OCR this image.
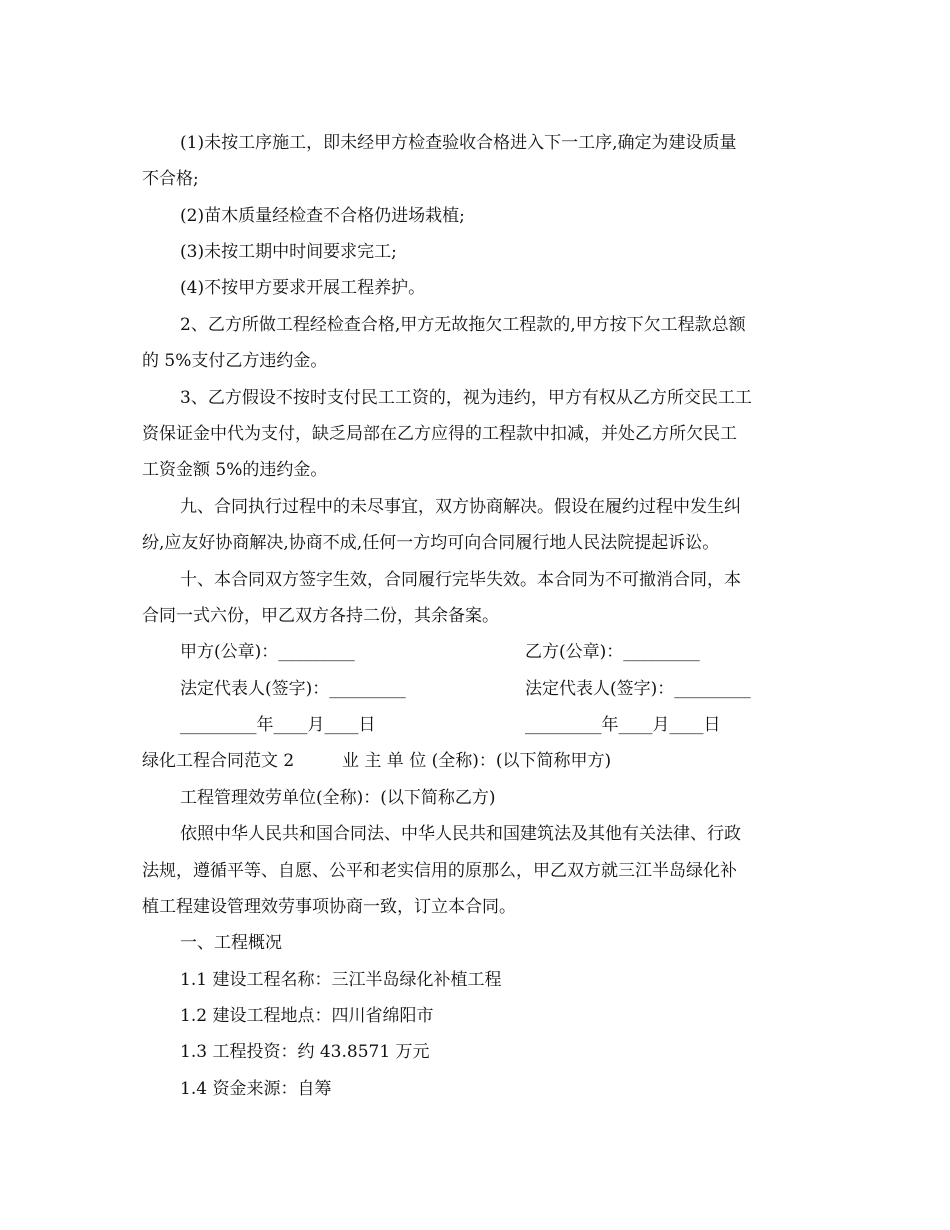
(1)未按工序施工，即未经甲方检查验收合格进入下一工序,确定为建设质量
不合格;
(2)苗木质量经检查不合格仍进场栽植;
(3)未按工期中时间要求完工;
(4)不按甲方要求开展工程养护。
2、乙方所做工程经检查合格,甲方无故拖欠工程款的,甲方按下欠工程款总额
的 5%支付乙方违约金。
3、乙方假设不按时支付民工工资的，视为违约，甲方有权从乙方所交民工工
资保证金中代为支付，缺乏局部在乙方应得的工程款中扣减，并处乙方所欠民工
工资金额 5%的违约金。
九、合同执行过程中的未尽事宜，双方协商解决。假设在履约过程中发生纠
纷,应友好协商解决,协商不成,任何一方均可向合同履行地人民法院提起诉讼。
十、本合同双方签字生效，合同履行完毕失效。本合同为不可撤消合同，本
合同一式六份，甲乙双方各持二份，其余备案。
甲方(公章)：_________	乙方(公章)：_________
法定代表人(签字)：_________	法定代表人(签字)：_________
_________年____月____日	_________年____月____日
绿化工程合同范文 2	业 主 单 位 (全称)：(以下简称甲方)
工程管理效劳单位(全称)：(以下简称乙方)
依照中华人民共和国合同法、中华人民共和国建筑法及其他有关法律、行政
法规，遵循平等、自愿、公平和老实信用的原那么，甲乙双方就三江半岛绿化补
植工程建设管理效劳事项协商一致，订立本合同。
一、工程概况
1.1 建设工程名称：三江半岛绿化补植工程
1.2 建设工程地点：四川省绵阳市
1.3 工程投资：约 43.8571 万元
1.4 资金来源：自筹
